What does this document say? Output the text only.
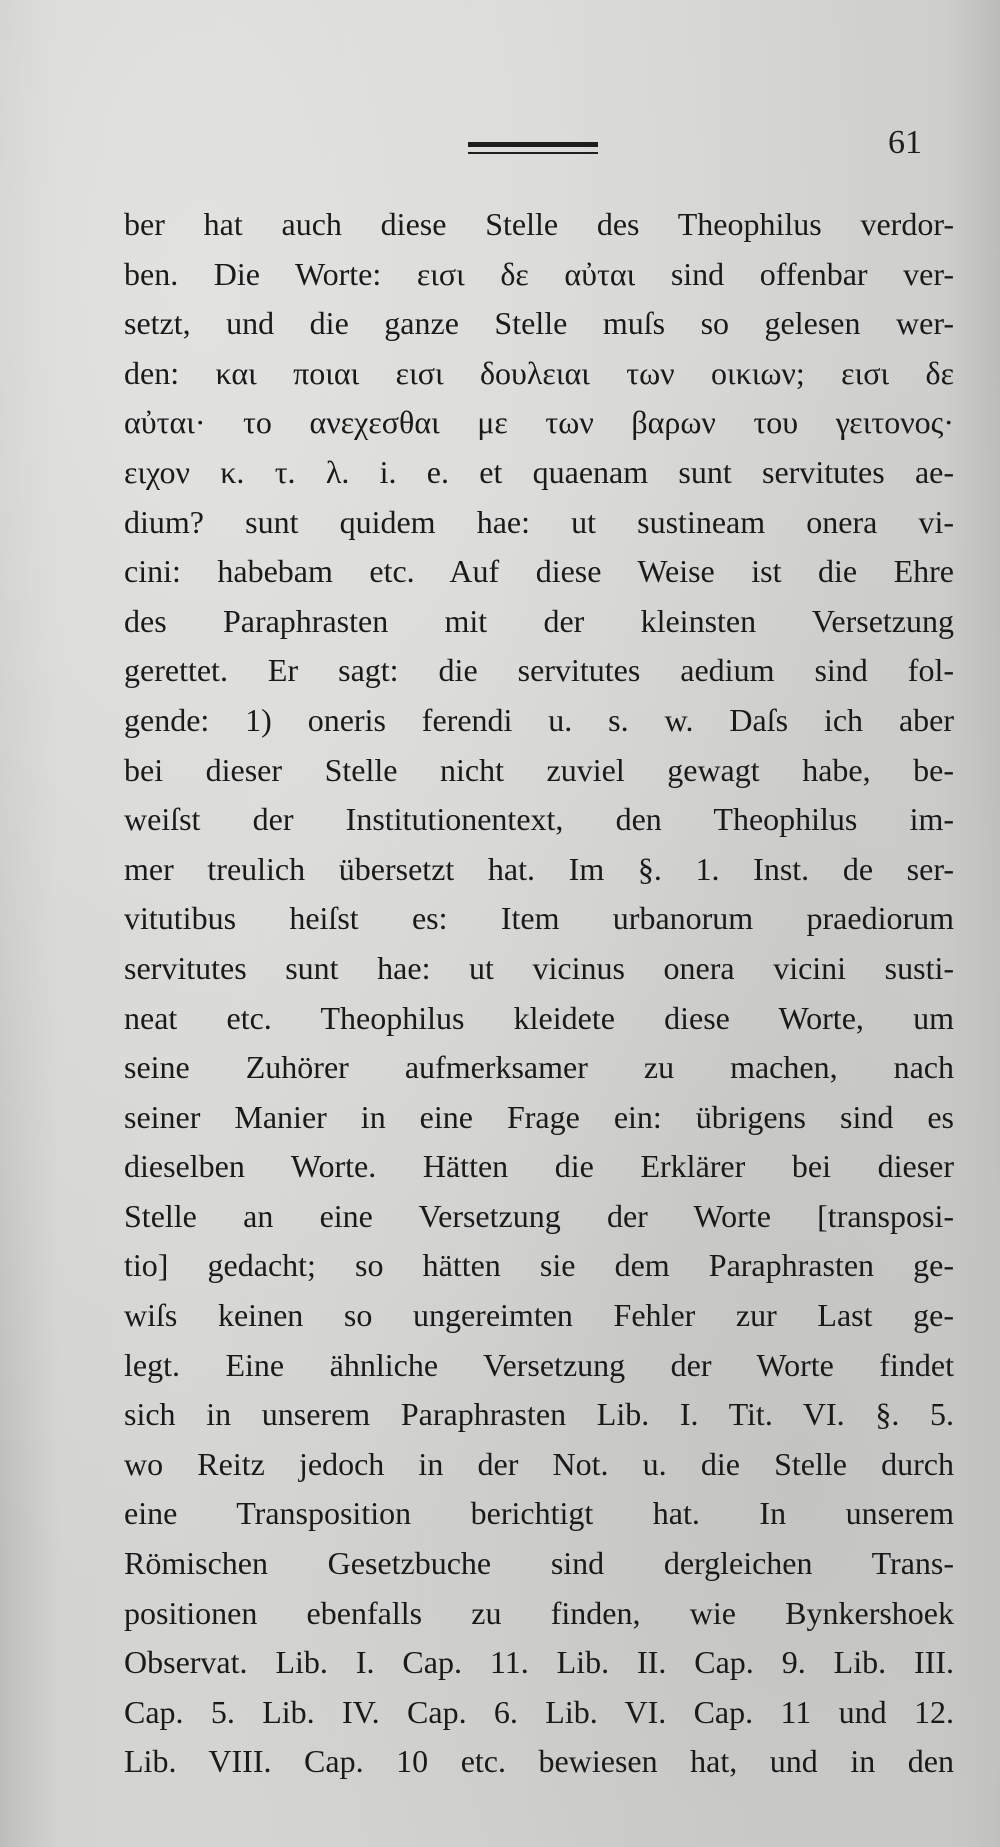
61
ber hat auch diese Stelle des Theophilus verdor-
ben. Die Worte: εισι δε αὐται sind offenbar ver-
setzt, und die ganze Stelle muſs so gelesen wer-
den: και ποιαι εισι δουλειαι των οικιων; εισι δε
αὐται· το ανεχεσθαι με των βαρων του γειτονος·
ειχον κ. τ. λ. i. e. et quaenam sunt servitutes ae-
dium? sunt quidem hae: ut sustineam onera vi-
cini: habebam etc. Auf diese Weise ist die Ehre
des Paraphrasten mit der kleinsten Versetzung
gerettet. Er sagt: die servitutes aedium sind fol-
gende: 1) oneris ferendi u. s. w. Daſs ich aber
bei dieser Stelle nicht zuviel gewagt habe, be-
weiſst der Institutionentext, den Theophilus im-
mer treulich übersetzt hat. Im §. 1. Inst. de ser-
vitutibus heiſst es: Item urbanorum praediorum
servitutes sunt hae: ut vicinus onera vicini susti-
neat etc. Theophilus kleidete diese Worte, um
seine Zuhörer aufmerksamer zu machen, nach
seiner Manier in eine Frage ein: übrigens sind es
dieselben Worte. Hätten die Erklärer bei dieser
Stelle an eine Versetzung der Worte [transposi-
tio] gedacht; so hätten sie dem Paraphrasten ge-
wiſs keinen so ungereimten Fehler zur Last ge-
legt. Eine ähnliche Versetzung der Worte findet
sich in unserem Paraphrasten Lib. I. Tit. VI. §. 5.
wo Reitz jedoch in der Not. u. die Stelle durch
eine Transposition berichtigt hat. In unserem
Römischen Gesetzbuche sind dergleichen Trans-
positionen ebenfalls zu finden, wie Bynkershoek
Observat. Lib. I. Cap. 11. Lib. II. Cap. 9. Lib. III.
Cap. 5. Lib. IV. Cap. 6. Lib. VI. Cap. 11 und 12.
Lib. VIII. Cap. 10 etc. bewiesen hat, und in den
